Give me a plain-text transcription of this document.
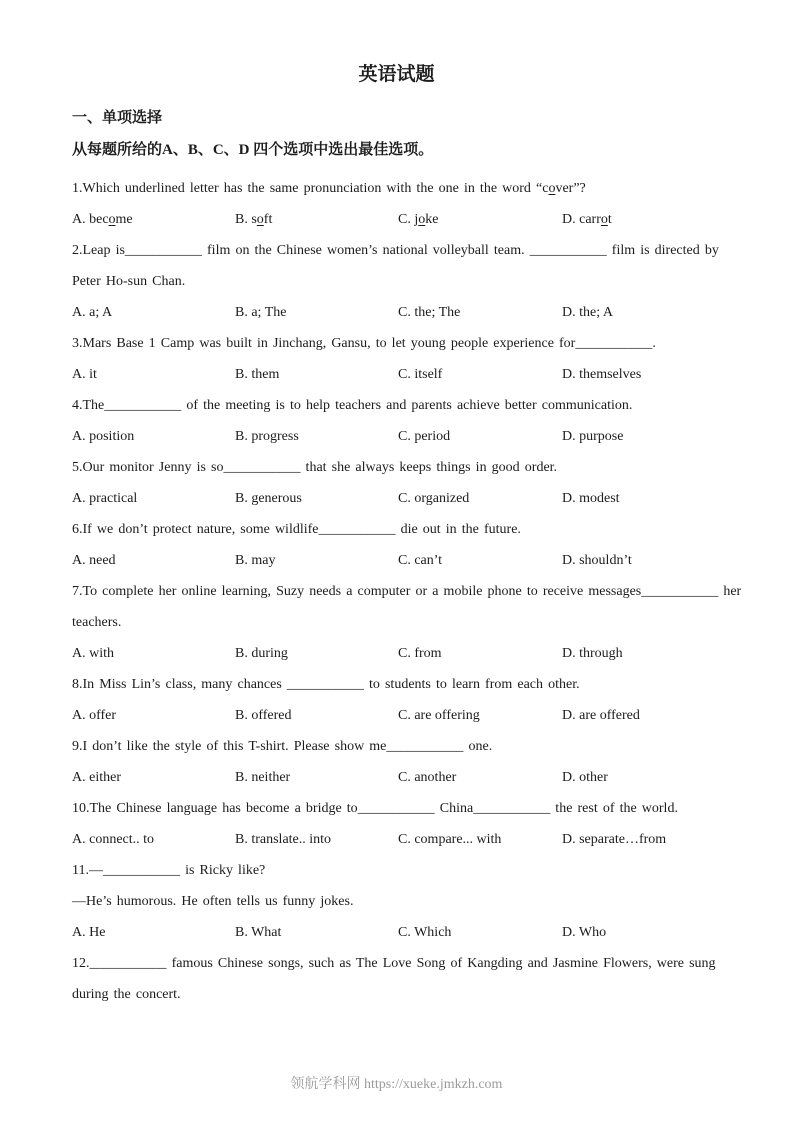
英语试题
一、单项选择

从每题所给的A、B、C、D 四个选项中选出最佳选项。

1.Which underlined letter has the same pronunciation with the one in the word “cover”?

A. become	B. soft	C. joke	D. carrot

2.Leap is___________ film on the Chinese women’s national volleyball team. ___________ film is directed by

Peter Ho-sun Chan.

A. a; A	B. a; The	C. the; The	D. the; A

3.Mars Base 1 Camp was built in Jinchang, Gansu, to let young people experience for___________.

A. it	B. them	C. itself	D. themselves

4.The___________ of the meeting is to help teachers and parents achieve better communication.

A. position	B. progress	C. period	D. purpose

5.Our monitor Jenny is so___________ that she always keeps things in good order.

A. practical	B. generous	C. organized	D. modest

6.If we don’t protect nature, some wildlife___________ die out in the future.

A. need	B. may	C. can’t	D. shouldn’t

7.To complete her online learning, Suzy needs a computer or a mobile phone to receive messages___________ her

teachers.

A. with	B. during	C. from	D. through

8.In Miss Lin’s class, many chances ___________ to students to learn from each other.

A. offer	B. offered	C. are offering	D. are offered

9.I don’t like the style of this T-shirt. Please show me___________ one.

A. either	B. neither	C. another	D. other

10.The Chinese language has become a bridge to___________ China___________ the rest of the world.

A. connect.. to	B. translate.. into	C. compare... with	D. separate…from

11.—___________ is Ricky like?

—He’s humorous. He often tells us funny jokes.

A. He	B. What	C. Which	D. Who

12.___________ famous Chinese songs, such as The Love Song of Kangding and Jasmine Flowers, were sung

during the concert.

领航学科网 https://xueke.jmkzh.com
